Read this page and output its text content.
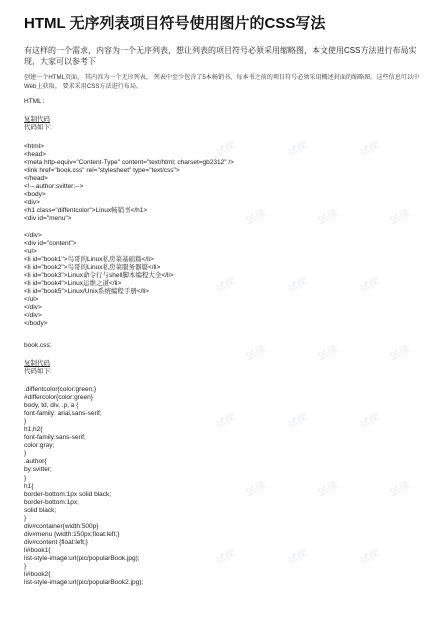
HTML 无序列表项目符号使用图片的CSS写法
有这样的一个需求，内容为一个无序列表，想让列表的项目符号必须采用缩略图，本文使用CSS方法进行布局实现，大家可以参考下
创建一个HTML页面， 其内容为一个无序列表， 列表中至少包含了5本畅销书，每本书之前的项目符号必须采用概述封面的缩略图。这些信息可以中Web上获取。 要求采用CSS方法进行布局。
HTML：
复制代码
代码如下:
<html>
<head>
<meta http-equiv="Content-Type" content="text/html; charset=gb2312" />
<link href="book.css" rel="stylesheet" type="text/css">
</head>
<!--.author:svitter;-->
<body>
<div>
<h1 class="diffentcolor">Linux畅销书</h1>
<div id="menu">
</div>
<div id="content">
<ul>
<li id="book1">鸟哥的Linux私房菜基础篇</li>
<li id="book2">鸟哥的Linux私房菜服务器篇</li>
<li id="book3">Linux命令行与shell脚本编程大全</li>
<li id="book4">Linux运维之道</li>
<li id="book5">Linux/Unix系统编程手册</li>
</ul>
</div>
</div>
</body>
book.css:
复制代码
代码如下:
.diffentcolor{color:green;}
#differcolor{color:green}
body, td, div, .p, a {
font-family: arial,sans-serif;
}
h1,h2{
font-family:sans-serif;
color:gray;
}
.author{
by:svitter;
}
h1{
border-bottom:1px solid black;
border-bottom:1px;
solid black;
}
div#container{width:500p}
div#menu {width:150px;float:left;}
div#content {float:left;}
li#book1{
list-style-image:url(pic/popularBook.jpg);
}
li#book2{
list-style-image:url(pic/popularBook2.jpg);
试读	试读	试读
试读	试读	试读
试读	试读	试读
试读	试读	试读
试读	试读	试读
试读	试读	试读
试读	试读	试读
